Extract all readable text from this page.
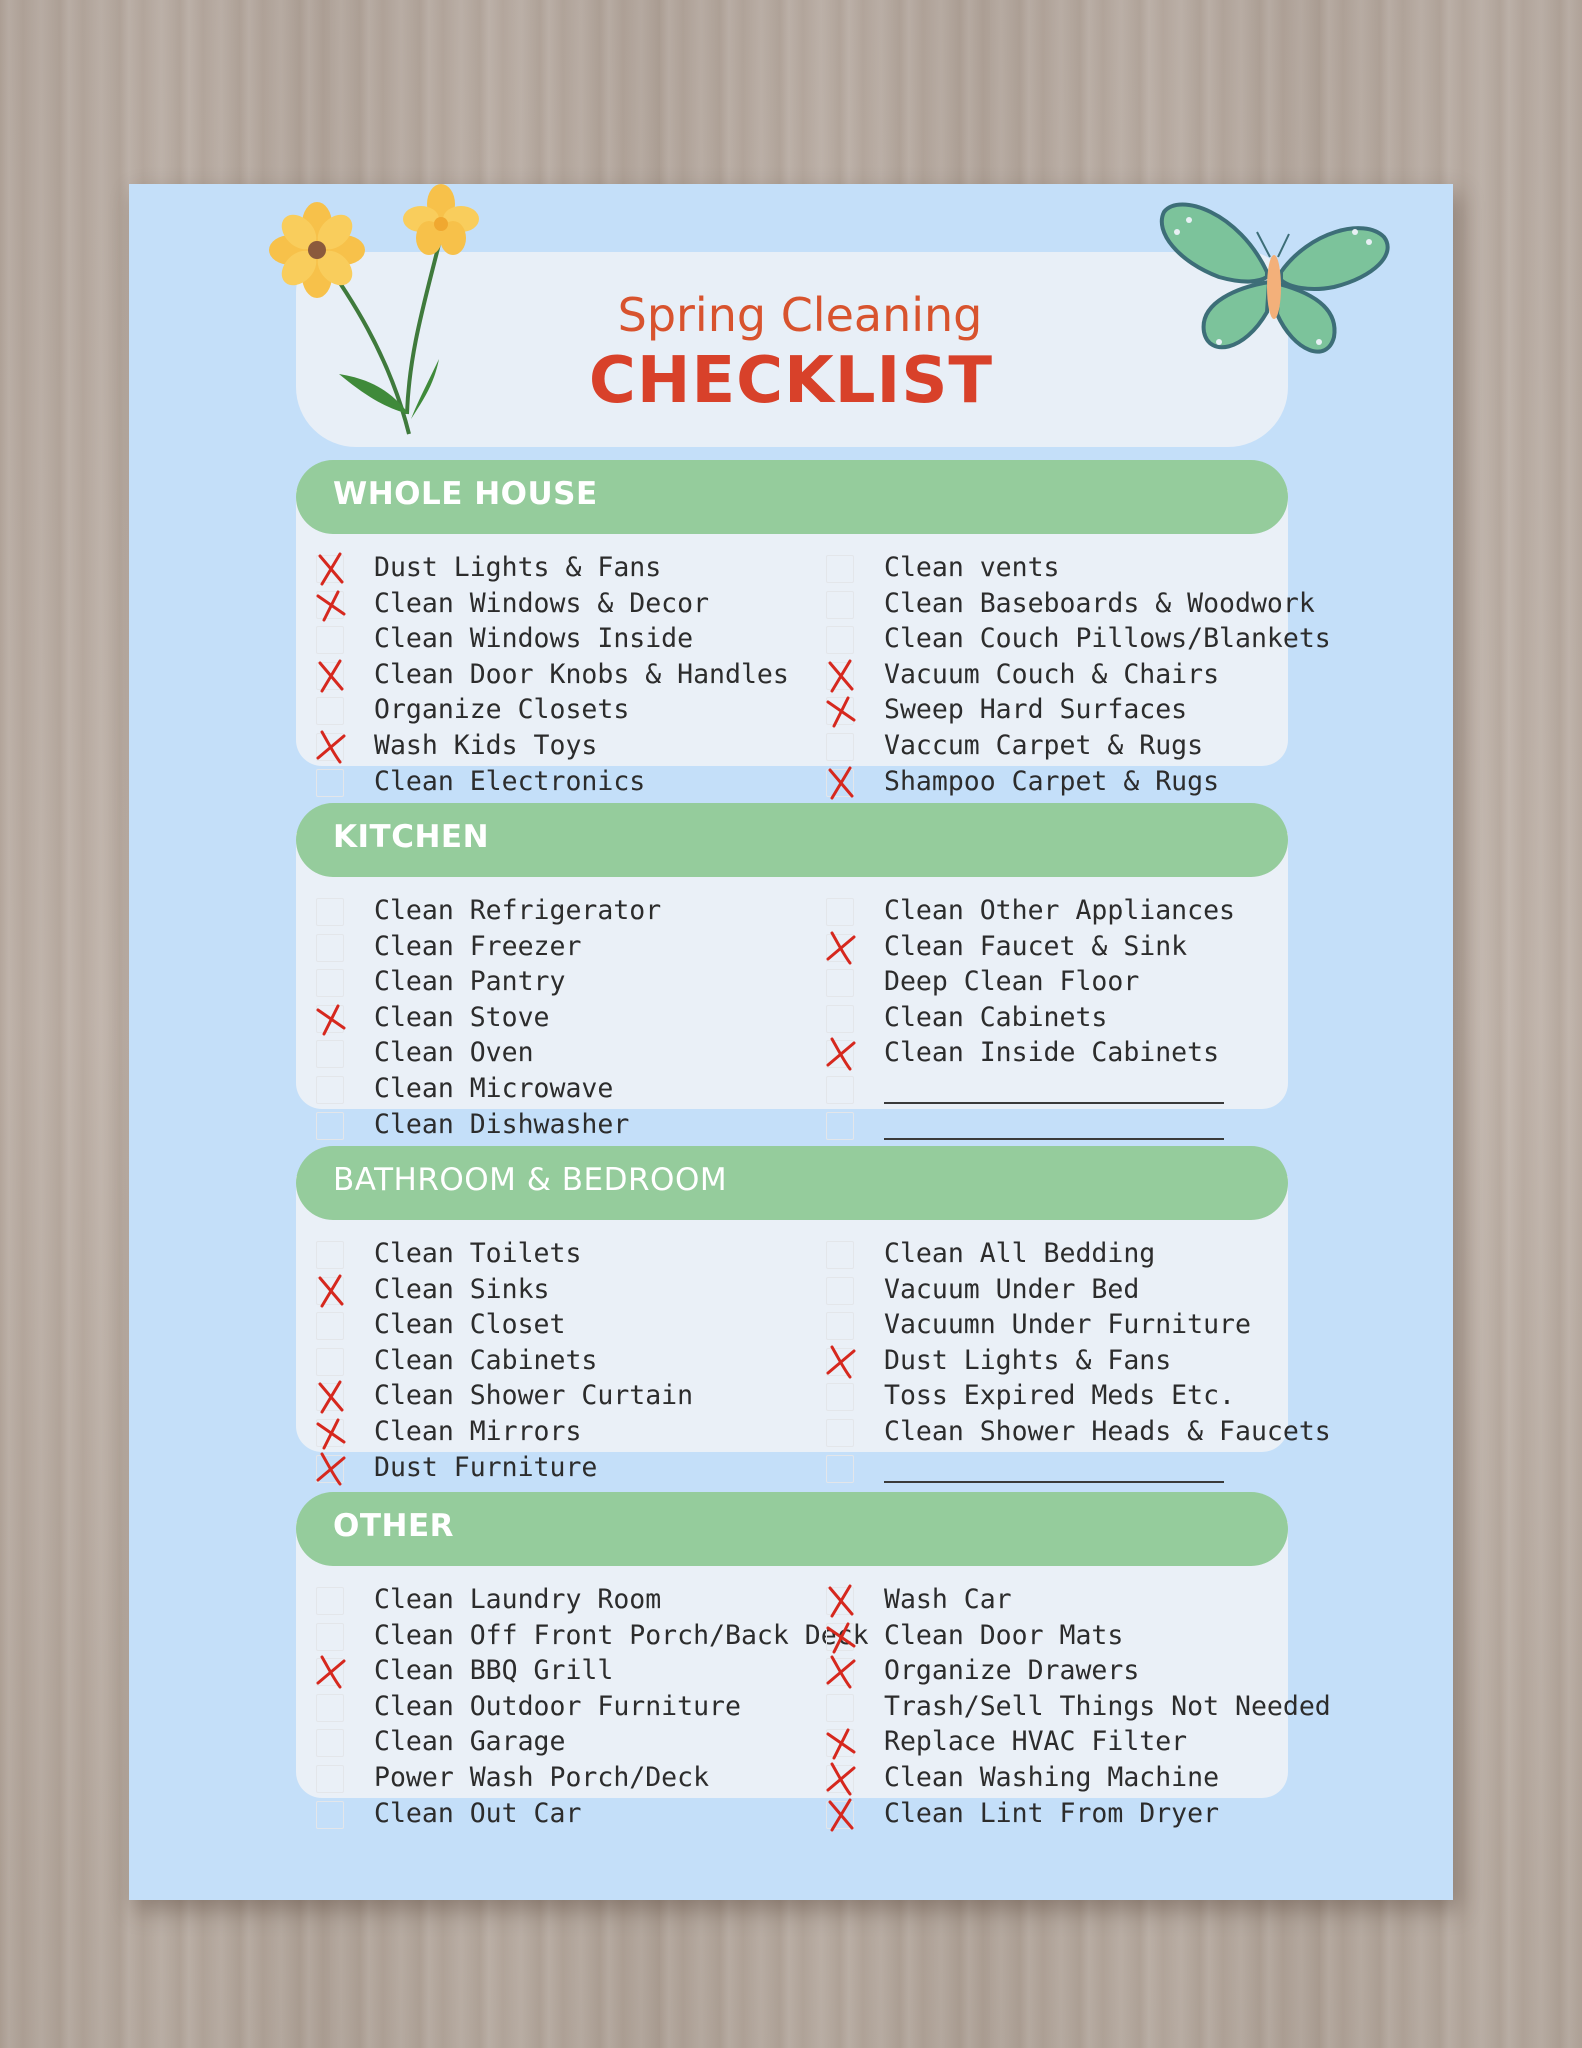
Spring Cleaning
CHECKLIST
WHOLE HOUSE
Dust Lights & Fans
Clean Windows & Decor
Clean Windows Inside
Clean Door Knobs & Handles
Organize Closets
Wash Kids Toys
Clean Electronics
Clean vents
Clean Baseboards & Woodwork
Clean Couch Pillows/Blankets
Vacuum Couch & Chairs
Sweep Hard Surfaces
Vaccum Carpet & Rugs
Shampoo Carpet & Rugs
KITCHEN
Clean Refrigerator
Clean Freezer
Clean Pantry
Clean Stove
Clean Oven
Clean Microwave
Clean Dishwasher
Clean Other Appliances
Clean Faucet & Sink
Deep Clean Floor
Clean Cabinets
Clean Inside Cabinets
BATHROOM & BEDROOM
Clean Toilets
Clean Sinks
Clean Closet
Clean Cabinets
Clean Shower Curtain
Clean Mirrors
Dust Furniture
Clean All Bedding
Vacuum Under Bed
Vacuumn Under Furniture
Dust Lights & Fans
Toss Expired Meds Etc.
Clean Shower Heads & Faucets
OTHER
Clean Laundry Room
Clean Off Front Porch/Back Deck
Clean BBQ Grill
Clean Outdoor Furniture
Clean Garage
Power Wash Porch/Deck
Clean Out Car
Wash Car
Clean Door Mats
Organize Drawers
Trash/Sell Things Not Needed
Replace HVAC Filter
Clean Washing Machine
Clean Lint From Dryer
